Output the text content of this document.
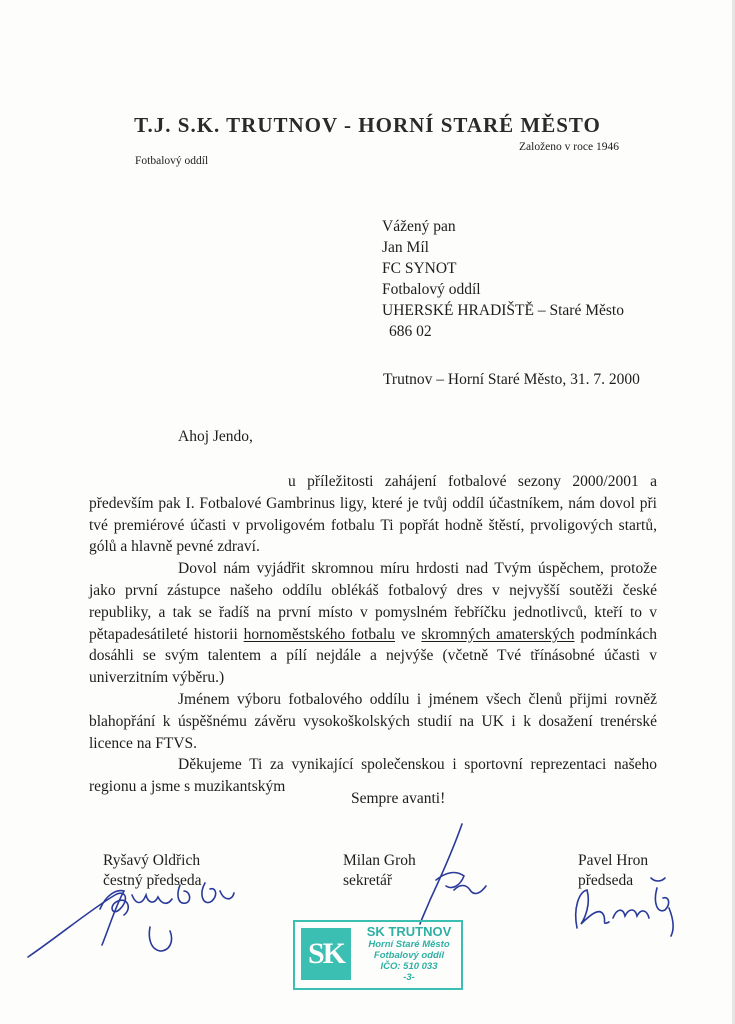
T.J. S.K. TRUTNOV - HORNÍ STARÉ MĚSTO
Založeno v roce 1946
Fotbalový oddíl
Vážený pan
Jan Míl
FC SYNOT
Fotbalový oddíl
UHERSKÉ HRADIŠTĚ – Staré Město
686 02
Trutnov – Horní Staré Město, 31. 7. 2000
Ahoj Jendo,

u příležitosti zahájení fotbalové sezony 2000/2001 a především pak I. Fotbalové Gambrinus ligy, které je tvůj oddíl účastníkem, nám dovol při tvé premiérové účasti v prvoligovém fotbalu Ti popřát hodně štěstí, prvoligových startů, gólů a hlavně pevné zdraví.

Dovol nám vyjádřit skromnou míru hrdosti nad Tvým úspěchem, protože jako první zástupce našeho oddílu oblékáš fotbalový dres v nejvyšší soutěži české republiky, a tak se řadíš na první místo v pomyslném řebříčku jednotlivců, kteří to v pětapadesátileté historii hornoměstského fotbalu ve skromných amaterských podmínkách dosáhli se svým talentem a pílí nejdále a nejvýše (včetně Tvé třínásobné účasti v univerzitním výběru.)

Jménem výboru fotbalového oddílu i jménem všech členů přijmi rovněž blahopřání k úspěšnému závěru vysokoškolských studií na UK i k dosažení trenérské licence na FTVS.

Děkujeme Ti za vynikající společenskou i sportovní reprezentaci našeho regionu a jsme s muzikantským

Sempre avanti!
Ryšavý Oldřich
čestný předseda
Milan Groh
sekretář
Pavel Hron
předseda
SK
SK TRUTNOV
Horní Staré Město
Fotbalový oddíl
IČO: 510 033
-3-
